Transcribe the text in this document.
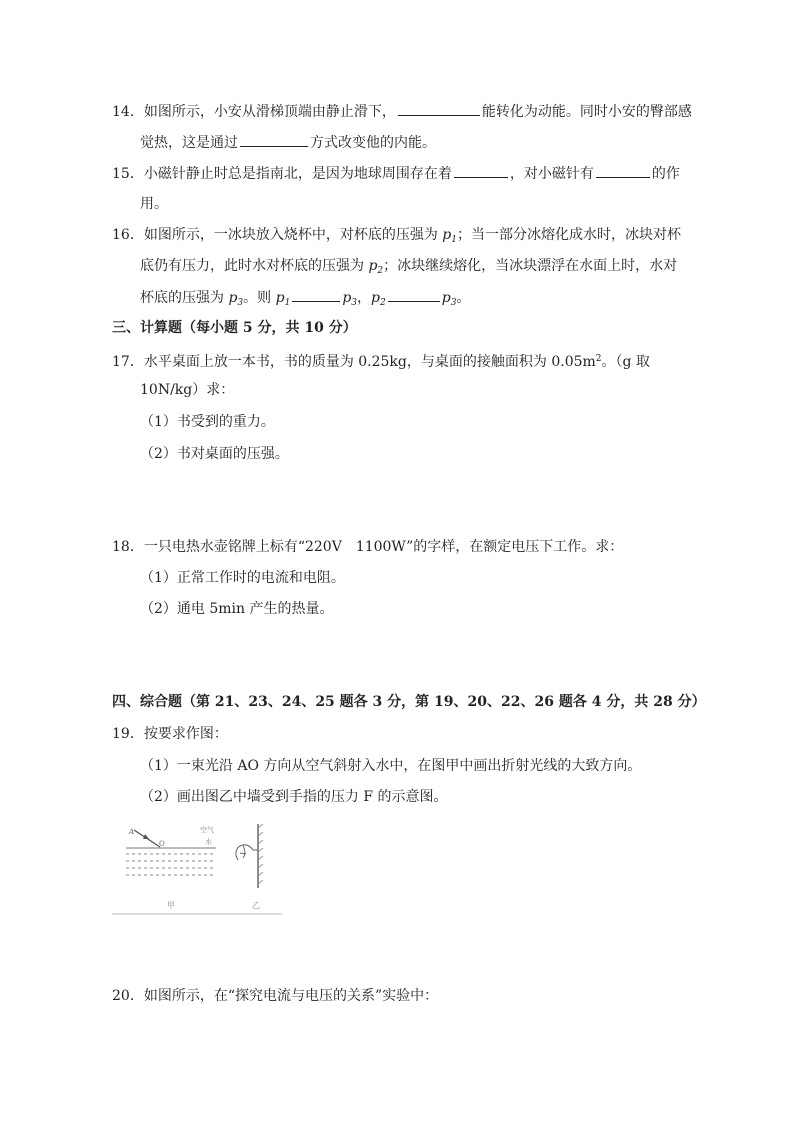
14．如图所示，小安从滑梯顶端由静止滑下，	能转化为动能。同时小安的臀部感
觉热，这是通过	方式改变他的内能。
15．小磁针静止时总是指南北，是因为地球周围存在着	，对小磁针有	的作
用。
16．如图所示，一冰块放入烧杯中，对杯底的压强为 $p_1$；当一部分冰熔化成水时，冰块对杯
底仍有压力，此时水对杯底的压强为 $p_2$；冰块继续熔化，当冰块漂浮在水面上时，水对
杯底的压强为 $p_3$。则 $p_1$	$p_3$，$p_2$	$p_3$。
三、计算题（每小题 5 分，共 10 分）
17．水平桌面上放一本书，书的质量为 0.25kg，与桌面的接触面积为 $0.05m^2$。（g 取
10N/kg）求：
（1）书受到的重力。
（2）书对桌面的压强。
18．一只电热水壶铭牌上标有“220V　1100W”的字样，在额定电压下工作。求：
（1）正常工作时的电流和电阻。
（2）通电 5min 产生的热量。
四、综合题（第 21、23、24、25 题各 3 分，第 19、20、22、26 题各 4 分，共 28 分）
19．按要求作图：
（1）一束光沿 AO 方向从空气斜射入水中，在图甲中画出折射光线的大致方向。
（2）画出图乙中墙受到手指的压力 F 的示意图。
A
O
空气
水
甲	乙
20．如图所示，在“探究电流与电压的关系”实验中：
